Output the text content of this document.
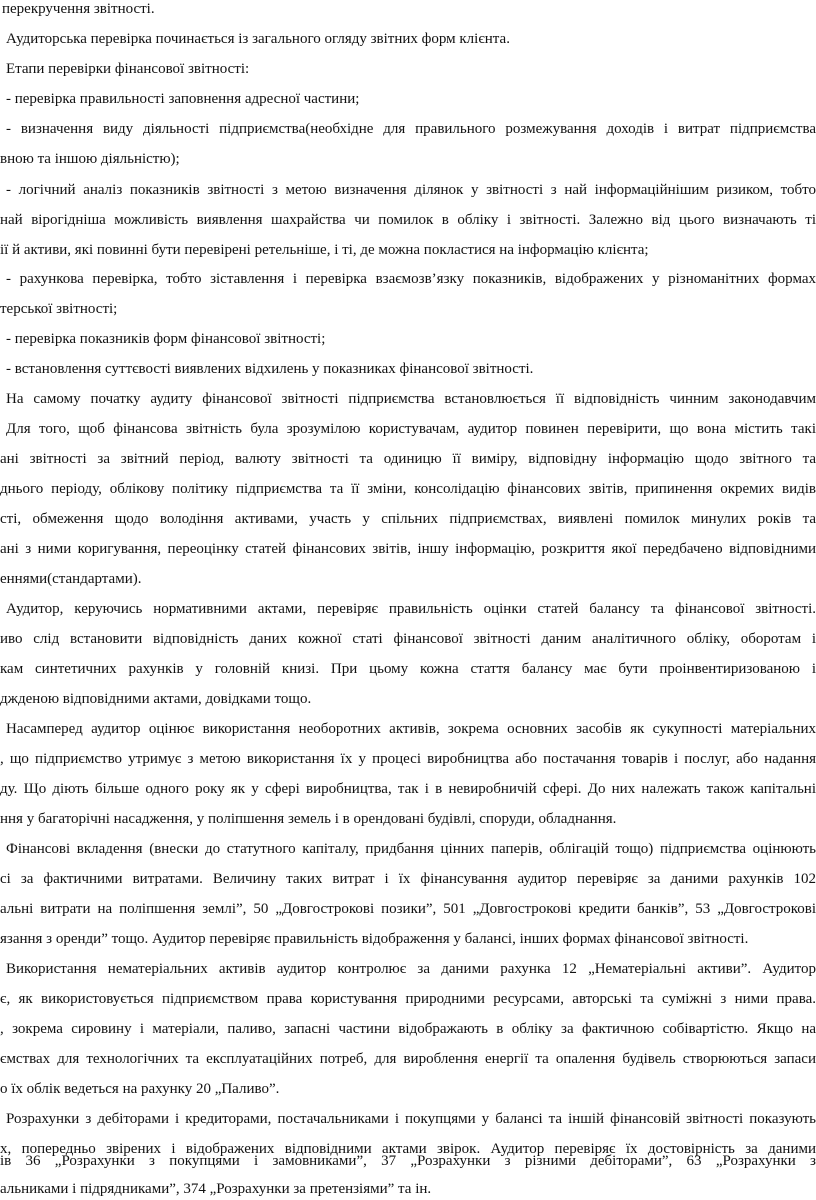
перекручення звітності.
Аудиторська перевірка починається із загального огляду звітних форм клієнта.
Етапи перевірки фінансової звітності:
- перевірка правильності заповнення адресної частини;
- визначення виду діяльності підприємства(необхідне для правильного розмежування доходів і витрат підприємства
вною та іншою діяльністю);
- логічний аналіз показників звітності з метою визначення ділянок у звітності з най інформаційнішим ризиком, тобто
най вірогідніша можливість виявлення шахрайства чи помилок в обліку і звітності. Залежно від цього визначають ті
ії й активи, які повинні бути перевірені ретельніше, і ті, де можна покластися на інформацію клієнта;
- рахункова перевірка, тобто зіставлення і перевірка взаємозв’язку показників, відображених у різноманітних формах
терської звітності;
- перевірка показників форм фінансової звітності;
- встановлення суттєвості виявлених відхилень у показниках фінансової звітності.
На самому початку аудиту фінансової звітності підприємства встановлюється її відповідність чинним законодавчим
Для того, щоб фінансова звітність була зрозумілою користувачам, аудитор повинен перевірити, що вона містить такі
ані звітності за звітний період, валюту звітності та одиницю її виміру, відповідну інформацію щодо звітного та
днього періоду, облікову політику підприємства та її зміни, консолідацію фінансових звітів, припинення окремих видів
сті, обмеження щодо володіння активами, участь у спільних підприємствах, виявлені помилок минулих років та
ані з ними коригування, переоцінку статей фінансових звітів, іншу інформацію, розкриття якої передбачено відповідними
еннями(стандартами).
Аудитор, керуючись нормативними актами, перевіряє правильність оцінки статей балансу та фінансової звітності.
иво слід встановити відповідність даних кожної статі фінансової звітності даним аналітичного обліку, оборотам і
кам синтетичних рахунків у головній книзі. При цьому кожна стаття балансу має бути проінвентиризованою і
джденою відповідними актами, довідками тощо.
Насамперед аудитор оцінює використання необоротних активів, зокрема основних засобів як сукупності матеріальних
, що підприємство утримує з метою використання їх у процесі виробництва або постачання товарів і послуг, або надання
ду. Що діють більше одного року як у сфері виробництва, так і в невиробничій сфері. До них належать також капітальні
ння у багаторічні насадження, у поліпшення земель і в орендовані будівлі, споруди, обладнання.
Фінансові вкладення (внески до статутного капіталу, придбання цінних паперів, облігацій тощо) підприємства оцінюють
сі за фактичними витратами. Величину таких витрат і їх фінансування аудитор перевіряє за даними рахунків 102
альні витрати на поліпшення землі”, 50 „Довгострокові позики”, 501 „Довгострокові кредити банків”, 53 „Довгострокові
язання з оренди” тощо. Аудитор перевіряє правильність відображення у балансі, інших формах фінансової звітності.
Використання нематеріальних активів аудитор контролює за даними рахунка 12 „Нематеріальні активи”. Аудитор
є, як використовується підприємством права користування природними ресурсами, авторські та суміжні з ними права.
, зокрема сировину і матеріали, паливо, запасні частини відображають в обліку за фактичною собівартістю. Якщо на
ємствах для технологічних та експлуатаційних потреб, для вироблення енергії та опалення будівель створюються запаси
о їх облік ведеться на рахунку 20 „Паливо”.
Розрахунки з дебіторами і кредиторами, постачальниками і покупцями у балансі та іншій фінансовій звітності показують
х, попередньо звірених і відображених відповідними актами звірок. Аудитор перевіряє їх достовірність за даними
ів 36 „Розрахунки з покупцями і замовниками”, 37 „Розрахунки з різними дебіторами”, 63 „Розрахунки з
альниками і підрядниками”, 374 „Розрахунки за претензіями” та ін.
